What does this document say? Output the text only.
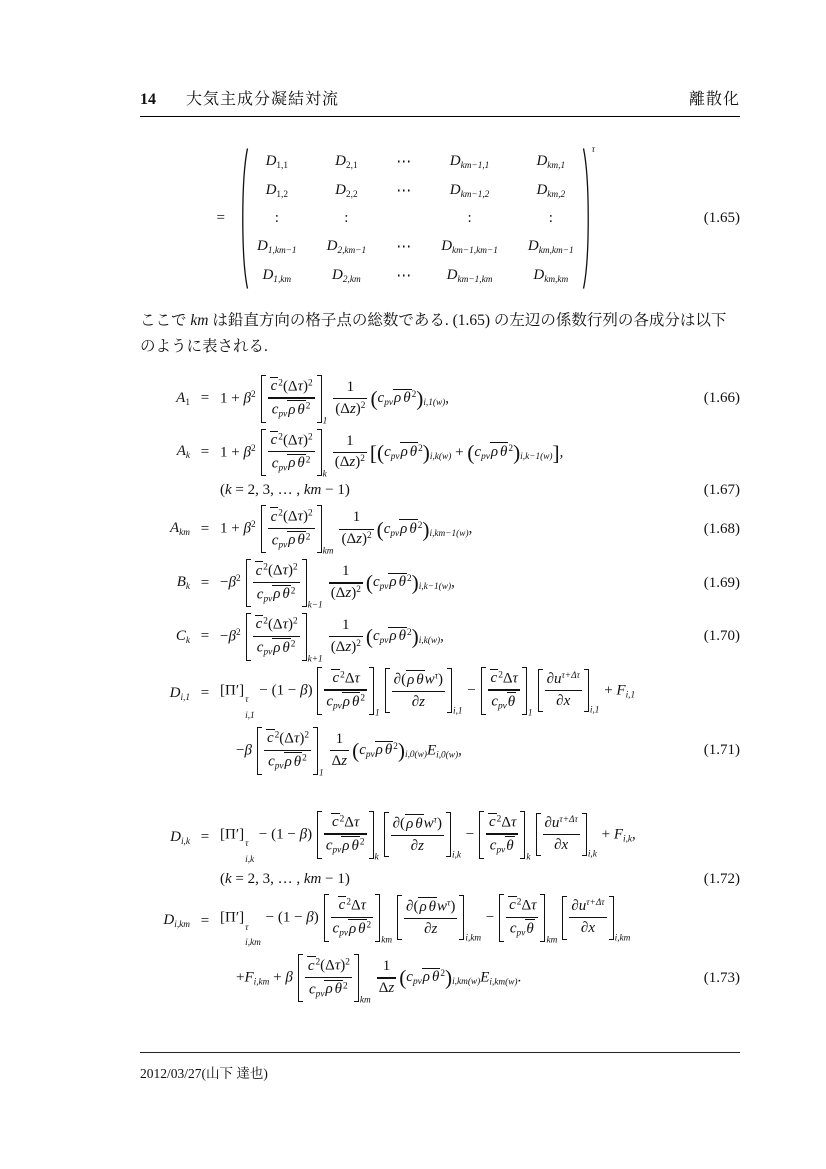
14 大気主成分凝結対流	離散化
=
D1,1	D2,1	⋯	Dkm−1,1	Dkm,1
D1,2	D2,2	⋯	Dkm−1,2	Dkm,2
:	:	:	:
D1,km−1 D2,km−1 ⋯ Dkm−1,km−1 Dkm,km−1
D1,km	D2,km ⋯ Dkm−1,km	Dkm,km
τ
(1.65)
ここで km は鉛直方向の格子点の総数である. (1.65) の左辺の係数行列の各成分は以下のように表される.
$A1 = 1 + \beta^2$
$c^2(\Delta\tau)^2$
cpvρ $\theta^2$
1
$\frac{1}{(\Delta z)^2} (cpv\rho$ $\theta^2)i,1(w)$,	(1.66)
$Ak = 1 + \beta^2$
$c^2(\Delta\tau)^2$
cpvρ $\theta^2$
k
$\frac{1}{(\Delta z)^2} [(cpv\rho$ $\theta^2)i,k(w) + (cpv\rho$ $\theta^2)i,k-1(w)$],
(k = 2, 3, … , km − 1)	(1.67)
Akm = $1 + \beta^2$
$c^2(\Delta\tau)^2$
cpvρ $\theta^2$
km
$\frac{1}{(\Delta z)^2} (cpv\rho$ $\theta^2)i,km-1(w)$,	(1.68)
$Bk = -\beta^2$
$c^2(\Delta\tau)^2$
cpvρ $\theta^2$
k−1
$\frac{1}{(\Delta z)^2} (cpv\rho$ $\theta^2)i,k-1(w)$,	(1.69)
$Ck = -\beta^2$
$c^2(\Delta\tau)^2$
cpvρ $\theta^2$
k+1
$\frac{1}{(\Delta z)^2} (cpv\rho$ $\theta^2)i,k(w)$,	(1.70)
Di,1 = [Π′]
τ
i,1
− (1 − β)
$c^2\Delta\tau$
cpvρ $\theta^2$
1
∂(ρ $\theta w^\tau$)
∂z
i,1
−
$c^2\Delta\tau$
cpvθ
1
$\partial u^{\tau+\Delta\tau}$
∂x
i,1
+ Fi,1
−β
$c^2(\Delta\tau)^2$
cpvρ $\theta^2$
1
$\frac{1}{\Delta z} (cpv\rho$ $\theta^2)i,0(w)Ei,0(w)$,	(1.71)
Di,k = [Π′]
τ
i,k
− (1 − β)
$c^2\Delta\tau$
cpvρ $\theta^2$
k
∂(ρ $\theta w^\tau$)
∂z
i,k
−
$c^2\Delta\tau$
cpvθ
k
$\partial u^{\tau+\Delta\tau}$
∂x
i,k
+ Fi,k,
(k = 2, 3, … , km − 1)	(1.72)
Di,km = [Π′]
τ
i,km
− (1 − β)
$c^2\Delta\tau$
cpvρ $\theta^2$
km
∂(ρ $\theta w^\tau$)
∂z
i,km
−
$c^2\Delta\tau$
cpvθ
km
$\partial u^{\tau+\Delta\tau}$
∂x
i,km
+Fi,km + β
$c^2(\Delta\tau)^2$
cpvρ $\theta^2$
km
$\frac{1}{\Delta z} (cpv\rho$ $\theta^2)i,km(w)Ei,km(w)$.	(1.73)
2012/03/27(山下 達也)
